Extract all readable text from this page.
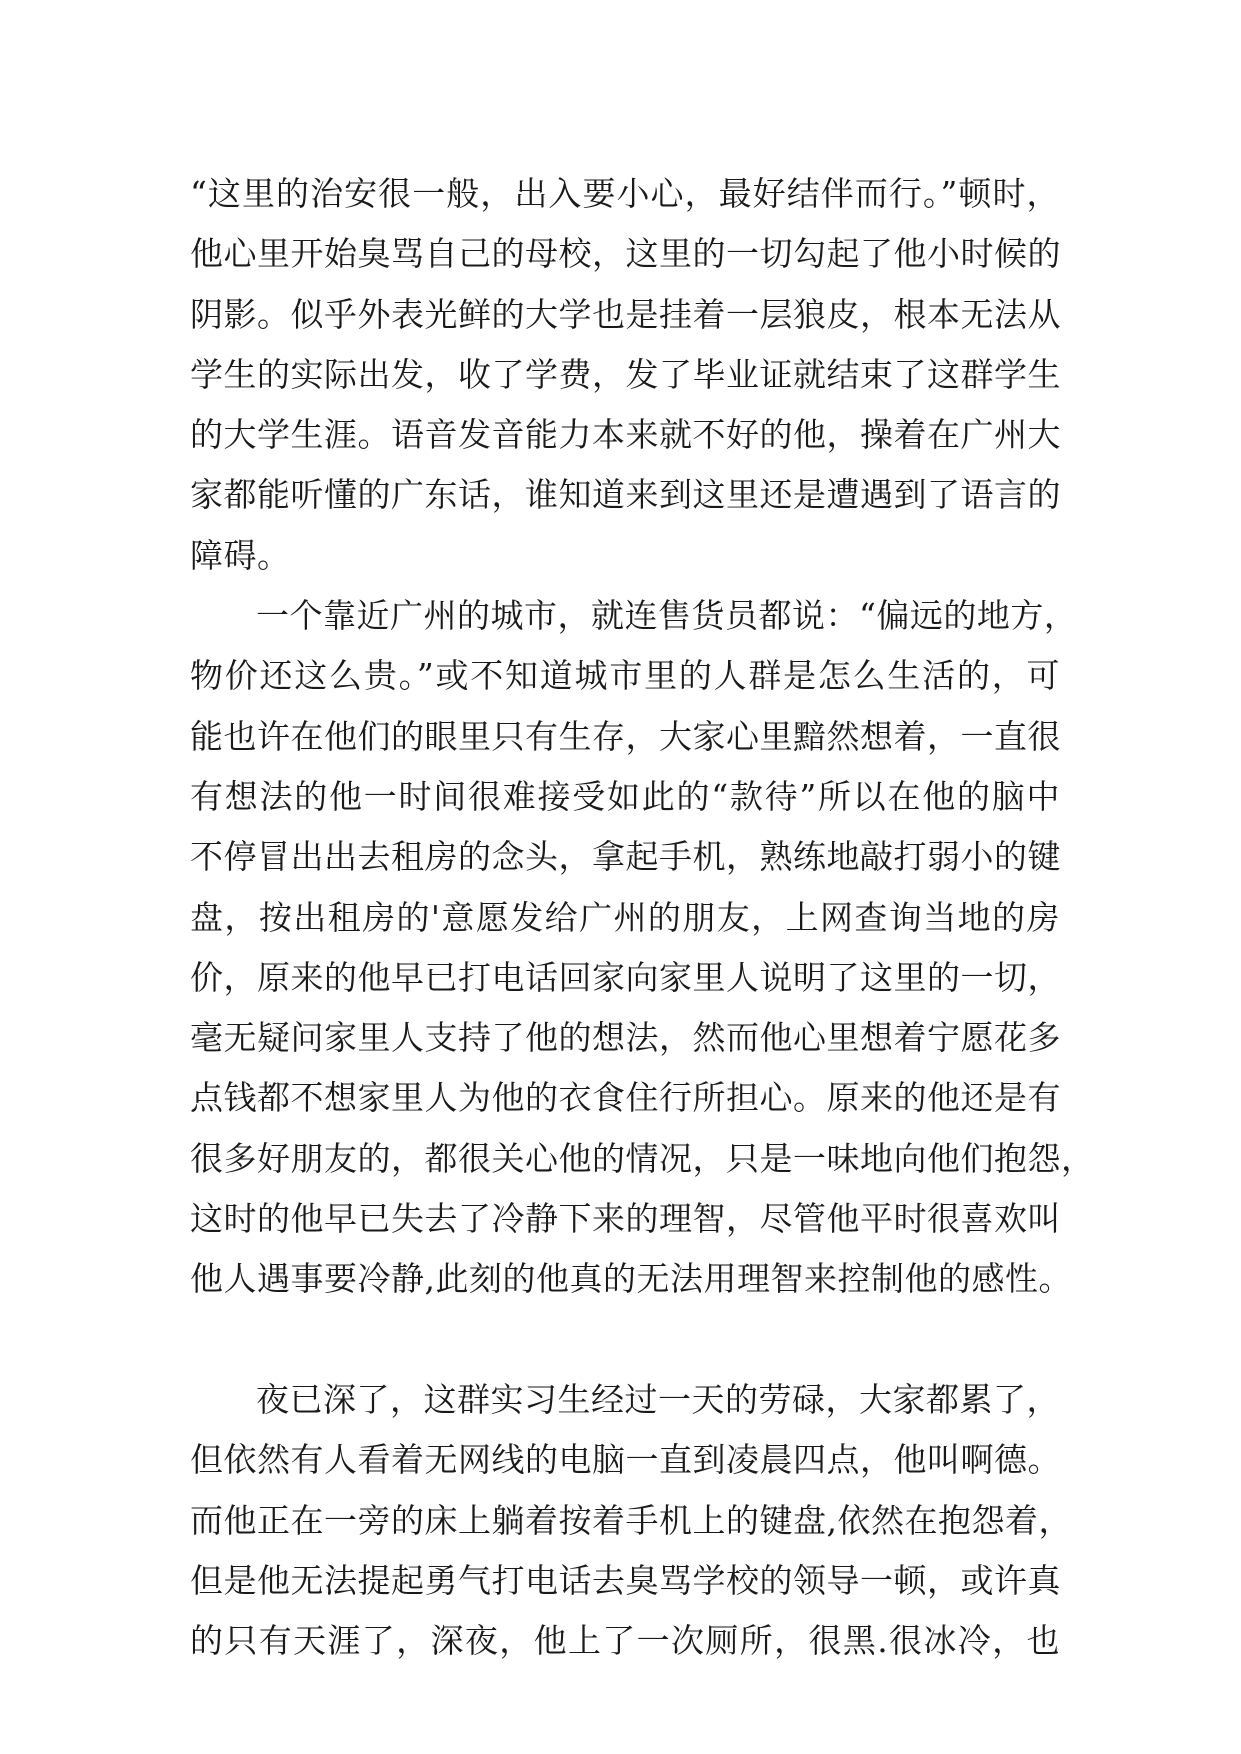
“这里的治安很一般，出入要小心，最好结伴而行。”顿时，
他心里开始臭骂自己的母校，这里的一切勾起了他小时候的
阴影。似乎外表光鲜的大学也是挂着一层狼皮，根本无法从
学生的实际出发，收了学费，发了毕业证就结束了这群学生
的大学生涯。语音发音能力本来就不好的他，操着在广州大
家都能听懂的广东话，谁知道来到这里还是遭遇到了语言的
障碍。
一个靠近广州的城市，就连售货员都说：“偏远的地方，
物价还这么贵。”或不知道城市里的人群是怎么生活的，可
能也许在他们的眼里只有生存，大家心里黯然想着，一直很
有想法的他一时间很难接受如此的“款待”所以在他的脑中
不停冒出出去租房的念头，拿起手机，熟练地敲打弱小的键
盘，按出租房的'意愿发给广州的朋友，上网查询当地的房
价，原来的他早已打电话回家向家里人说明了这里的一切，
毫无疑问家里人支持了他的想法，然而他心里想着宁愿花多
点钱都不想家里人为他的衣食住行所担心。原来的他还是有
很多好朋友的，都很关心他的情况，只是一味地向他们抱怨，
这时的他早已失去了冷静下来的理智，尽管他平时很喜欢叫
他人遇事要冷静,此刻的他真的无法用理智来控制他的感性。
夜已深了，这群实习生经过一天的劳碌，大家都累了，
但依然有人看着无网线的电脑一直到凌晨四点，他叫啊德。
而他正在一旁的床上躺着按着手机上的键盘,依然在抱怨着，
但是他无法提起勇气打电话去臭骂学校的领导一顿，或许真
的只有天涯了，深夜，他上了一次厕所，很黑.很冰冷，也
